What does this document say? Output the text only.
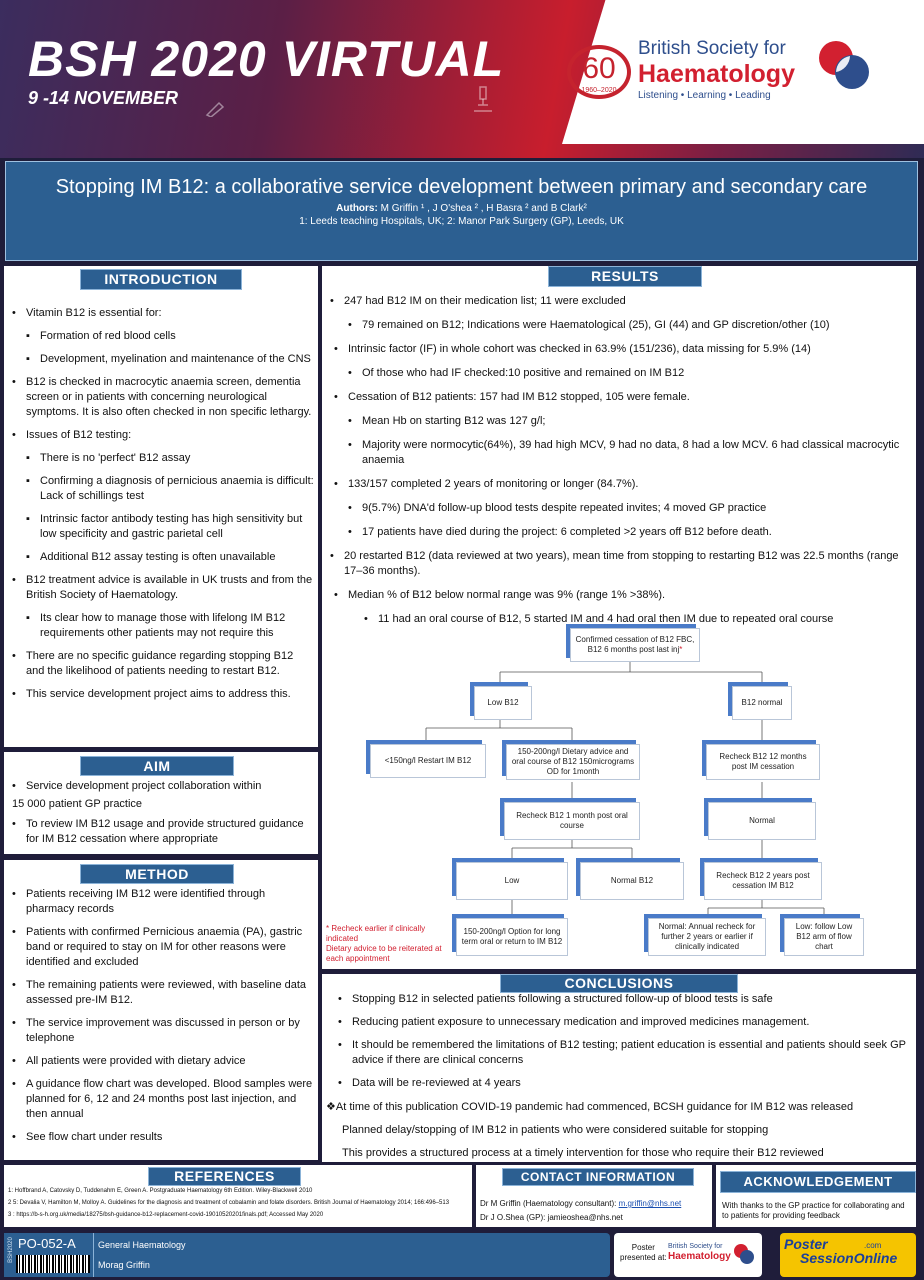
BSH 2020 VIRTUAL
9 -14 NOVEMBER
60
1960–2020
British Society for
Haematology
Listening • Learning • Leading
Stopping IM B12: a collaborative service development between primary and secondary care
Authors: M Griffin ¹ , J O'shea ² , H Basra ² and B Clark²
1: Leeds teaching Hospitals, UK; 2: Manor Park Surgery (GP), Leeds, UK
INTRODUCTION
• Vitamin B12 is essential for:
▪ Formation of red blood cells
▪ Development, myelination and maintenance of the CNS
• B12 is checked in macrocytic anaemia screen, dementia screen or in patients with concerning neurological symptoms. It is also often checked in non specific lethargy.
• Issues of B12 testing:
▪ There is no 'perfect' B12 assay
▪ Confirming a diagnosis of pernicious anaemia is difficult: Lack of schillings test
▪ Intrinsic factor antibody testing has high sensitivity but low specificity and gastric parietal cell
▪ Additional B12 assay testing is often unavailable
• B12 treatment advice is available in UK trusts and from the British Society of Haematology.
▪ Its clear how to manage those with lifelong IM B12 requirements other patients may not require this
• There are no specific guidance regarding stopping B12 and the likelihood of patients needing to restart B12.
• This service development project aims to address this.
AIM
• Service development project collaboration within
15 000 patient GP practice
• To review IM B12 usage and provide structured guidance for IM B12 cessation where appropriate
METHOD
• Patients receiving IM B12 were identified through pharmacy records
• Patients with confirmed Pernicious anaemia (PA), gastric band or required to stay on IM for other reasons were identified and excluded
• The remaining patients were reviewed, with baseline data assessed pre-IM B12.
• The service improvement was discussed in person or by telephone
• All patients were provided with dietary advice
• A guidance flow chart was developed. Blood samples were planned for 6, 12 and 24 months post last injection, and then annual
• See flow chart under results
REFERENCES
1: Hoffbrand A, Catovsky D, Tuddenahm E, Green A. Postgraduate Haematology 6th Edition. Wiley-Blackwell 2010
2 5: Devalia V, Hamilton M, Molloy A. Guidelines for the diagnosis and treatment of cobalamin and folate disorders. British Journal of Haematology 2014; 166:496–513
3 : https://b-s-h.org.uk/media/18275/bsh-guidance-b12-replacement-covid-19010520201finals.pdf; Accessed May 2020
RESULTS
• 247 had B12 IM on their medication list; 11 were excluded
• 79 remained on B12; Indications were Haematological (25), GI (44) and GP discretion/other (10)
• Intrinsic factor (IF) in whole cohort was checked in 63.9% (151/236), data missing for 5.9% (14)
• Of those who had IF checked:10 positive and remained on IM B12
• Cessation of B12 patients: 157 had IM B12 stopped, 105 were female.
• Mean Hb on starting B12 was 127 g/l;
• Majority were normocytic(64%), 39 had high MCV, 9 had no data, 8 had a low MCV. 6 had classical macrocytic anaemia
• 133/157 completed 2 years of monitoring or longer (84.7%).
• 9(5.7%) DNA'd follow-up blood tests despite repeated invites; 4 moved GP practice
• 17 patients have died during the project: 6 completed >2 years off B12 before death.
• 20 restarted B12 (data reviewed at two years), mean time from stopping to restarting B12 was 22.5 months (range 17–36 months).
• Median % of B12 below normal range was 9% (range 1% >38%).
• 11 had an oral course of B12, 5 started IM and 4 had oral then IM due to repeated oral course
Confirmed cessation of B12 FBC, B12 6 months post last inj*
Low B12	B12 normal
<150ng/l Restart IM B12
150-200ng/l Dietary advice and oral course of B12 150micrograms OD for 1month
Recheck B12 12 months post IM cessation
Recheck B12 1 month post oral course
Normal
Low	Normal B12
Recheck B12 2 years post cessation IM B12
150-200ng/l Option for long term oral or return to IM B12
Normal: Annual recheck for further 2 years or earlier if clinically indicated
Low: follow Low B12 arm of flow chart
* Recheck earlier if clinically indicated
Dietary advice to be reiterated at each appointment
CONCLUSIONS
• Stopping B12 in selected patients following a structured follow-up of blood tests is safe
• Reducing patient exposure to unnecessary medication and improved medicines management.
• It should be remembered the limitations of B12 testing; patient education is essential and patients should seek GP advice if there are clinical concerns
• Data will be re-reviewed at 4 years
❖At time of this publication COVID-19 pandemic had commenced, BCSH guidance for IM B12 was released
Planned delay/stopping of IM B12 in patients who were considered suitable for stopping
This provides a structured process at a timely intervention for those who require their B12 reviewed
CONTACT INFORMATION
Dr M Griffin (Haematology consultant): m.griffin@nhs.net
Dr J O.Shea (GP): jamieoshea@nhs.net
ACKNOWLEDGEMENT
With thanks to the GP practice for collaborating and to patients for providing feedback
BSH2020 PO-052-A General Haematology
Morag Griffin
Poster
presented at:
British Society for
Haematology
Poster
SessionOnline
.com
